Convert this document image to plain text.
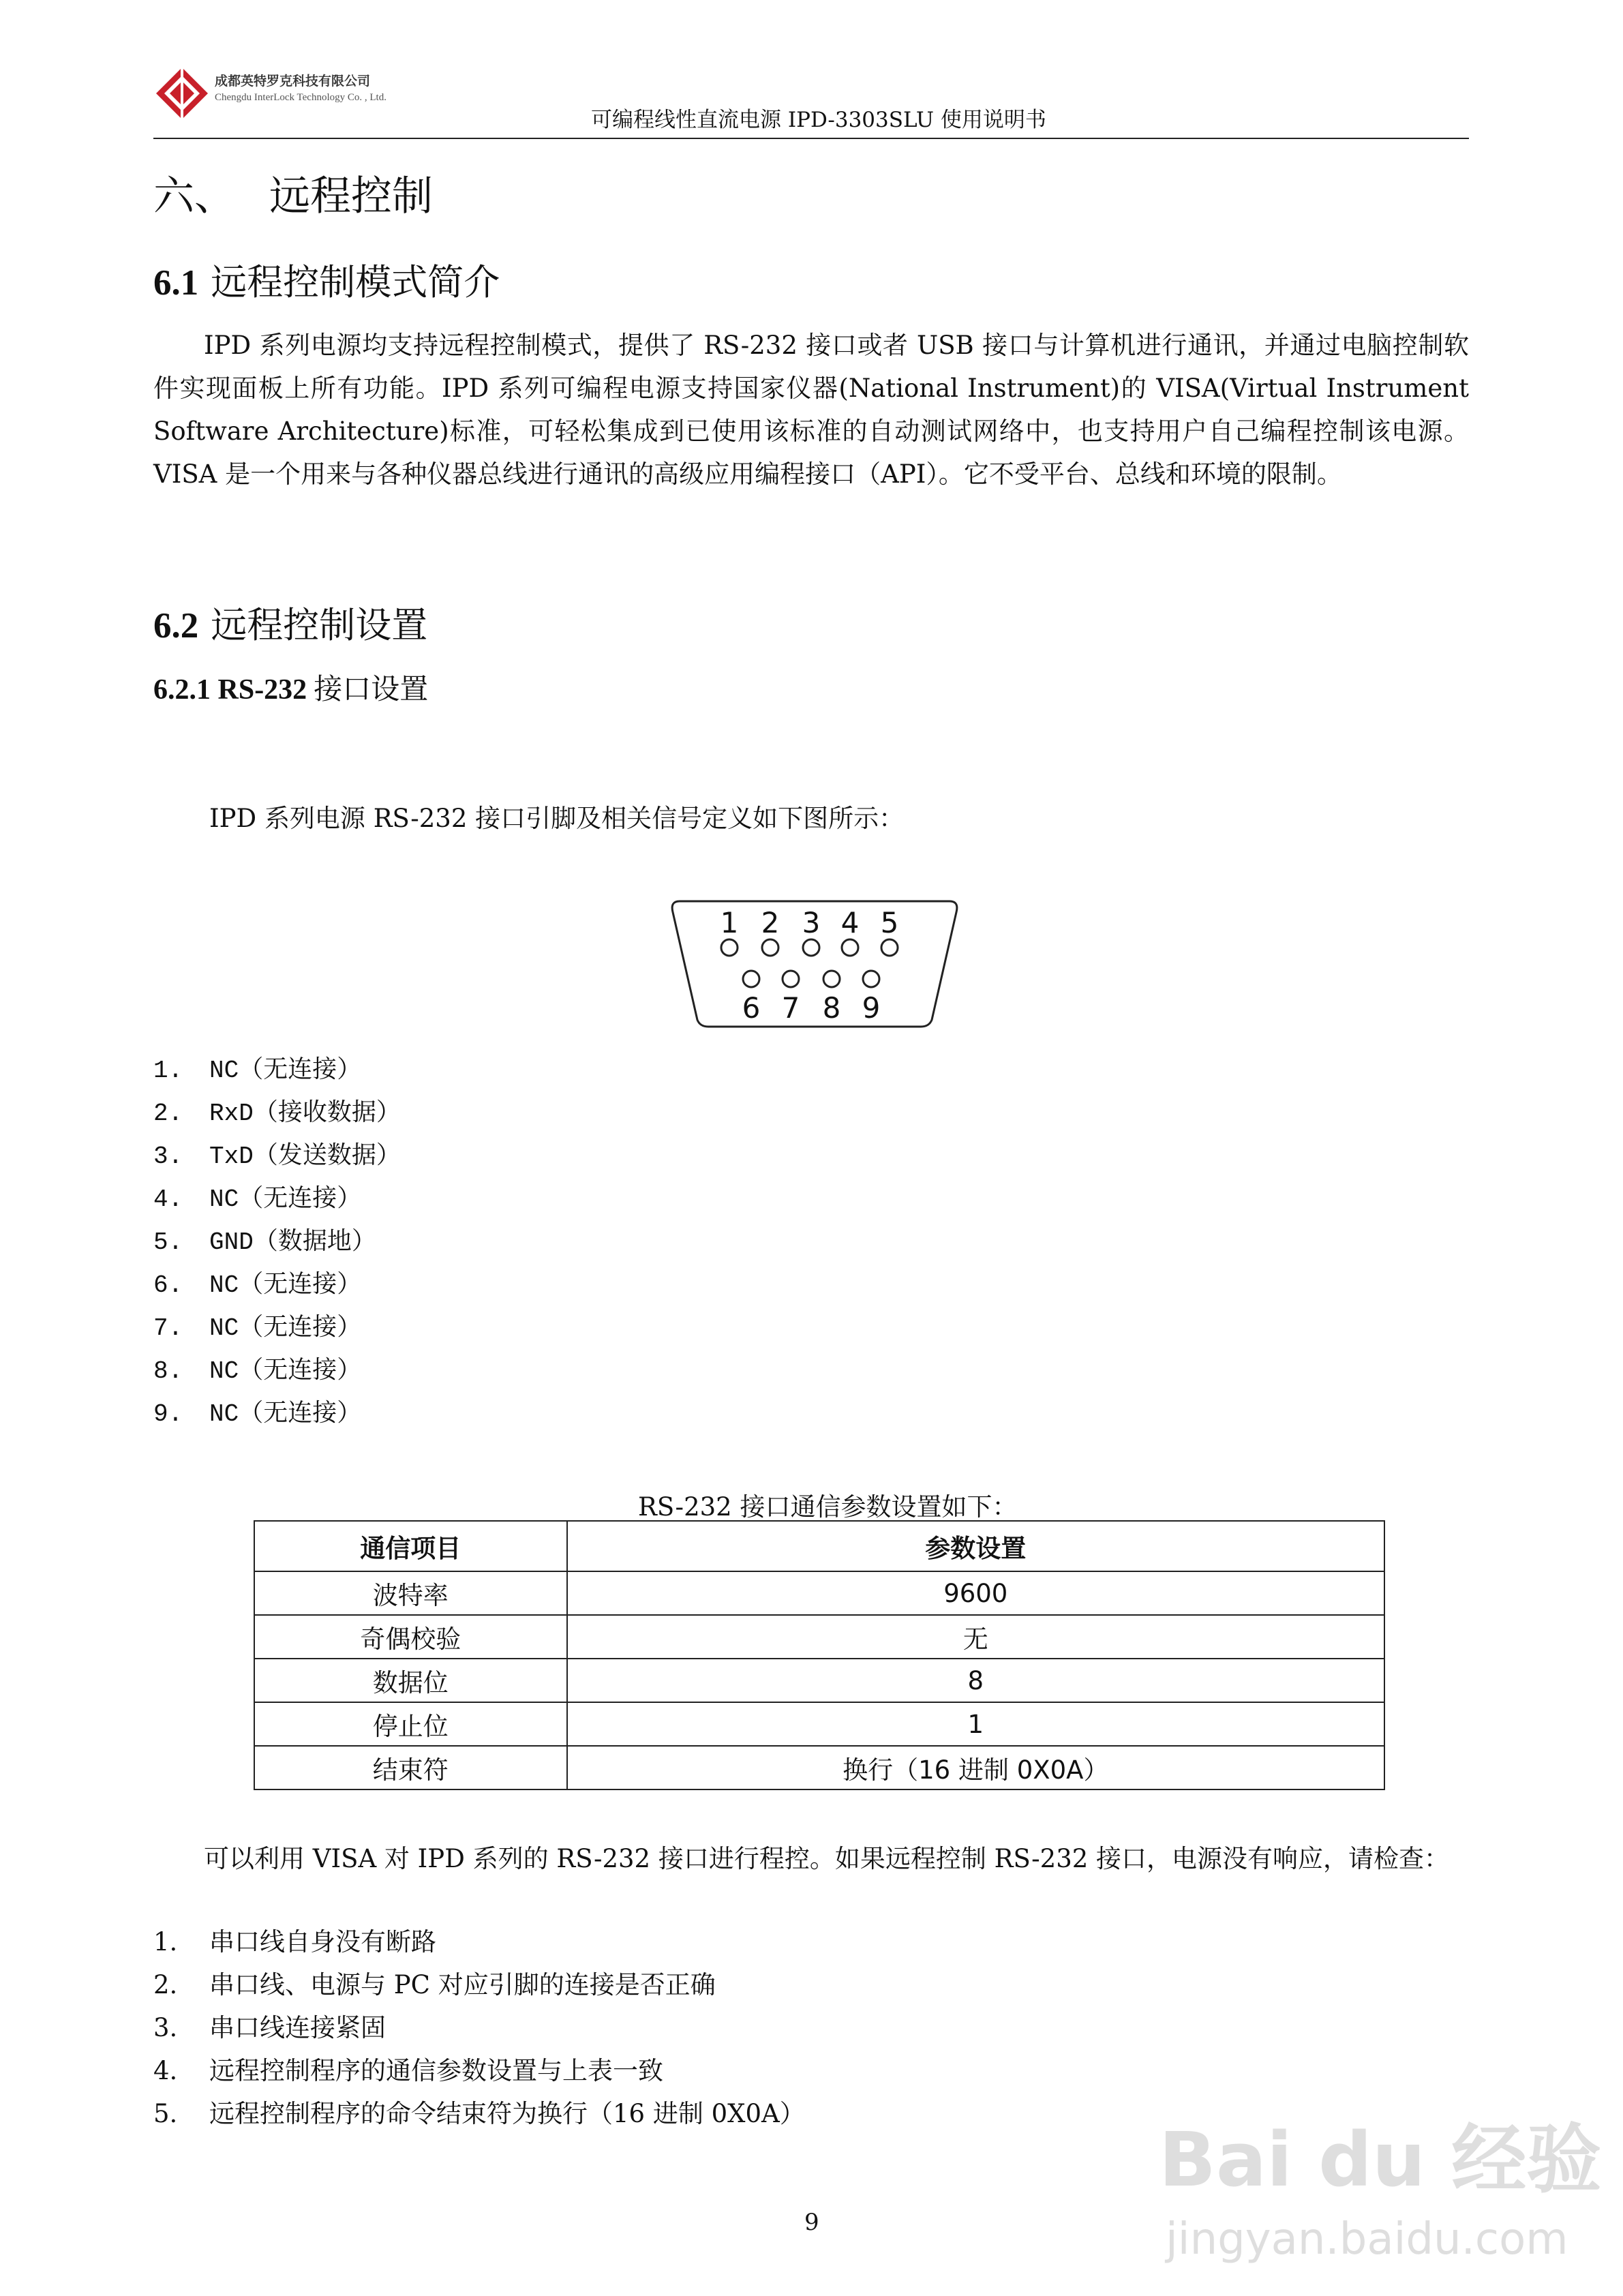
成都英特罗克科技有限公司
Chengdu InterLock Technology Co. , Ltd.
可编程线性直流电源 IPD-3303SLU 使用说明书
六、 远程控制
6.1 远程控制模式简介
IPD 系列电源均支持远程控制模式，提供了 RS-232 接口或者 USB 接口与计算机进行通讯，并通过电脑控制软件实现面板上所有功能。IPD 系列可编程电源支持国家仪器(National Instrument)的 VISA(Virtual Instrument Software Architecture)标准，可轻松集成到已使用该标准的自动测试网络中，也支持用户自己编程控制该电源。VISA 是一个用来与各种仪器总线进行通讯的高级应用编程接口（API）。它不受平台、总线和环境的限制。
6.2 远程控制设置
6.2.1 RS-232 接口设置
IPD 系列电源 RS-232 接口引脚及相关信号定义如下图所示：
1 2 3 4 5
6 7 8 9
1. NC（无连接）
2. RxD（接收数据）
3. TxD（发送数据）
4. NC（无连接）
5. GND（数据地）
6. NC（无连接）
7. NC（无连接）
8. NC（无连接）
9. NC（无连接）
RS-232 接口通信参数设置如下：
通信项目	参数设置
波特率	9600
奇偶校验	无
数据位	8
停止位	1
结束符	换行（16 进制 0X0A）
可以利用 VISA 对 IPD 系列的 RS-232 接口进行程控。如果远程控制 RS-232 接口，电源没有响应，请检查：
1. 串口线自身没有断路
2. 串口线、电源与 PC 对应引脚的连接是否正确
3. 串口线连接紧固
4. 远程控制程序的通信参数设置与上表一致
5. 远程控制程序的命令结束符为换行（16 进制 0X0A）
9
Bai du 经验
jingyan.baidu.com
